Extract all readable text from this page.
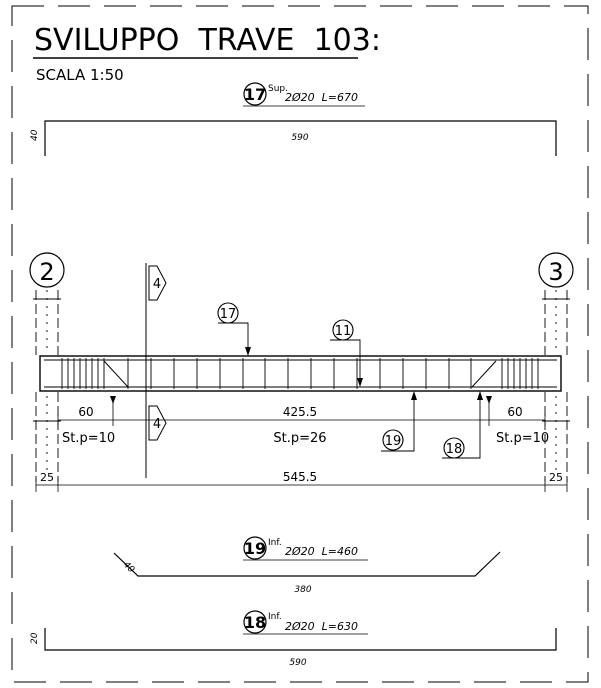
SVILUPPO  TRAVE  103:
SCALA 1:50
17 Sup.
2Ø20  L=670
40	590
2	3
4
4
17
11
19
18
60	425.5	60
St.p=10	St.p=26	St.p=10
25	545.5	25
19 Inf.
2Ø20  L=460
40
380
18 Inf.
2Ø20  L=630
20
590
